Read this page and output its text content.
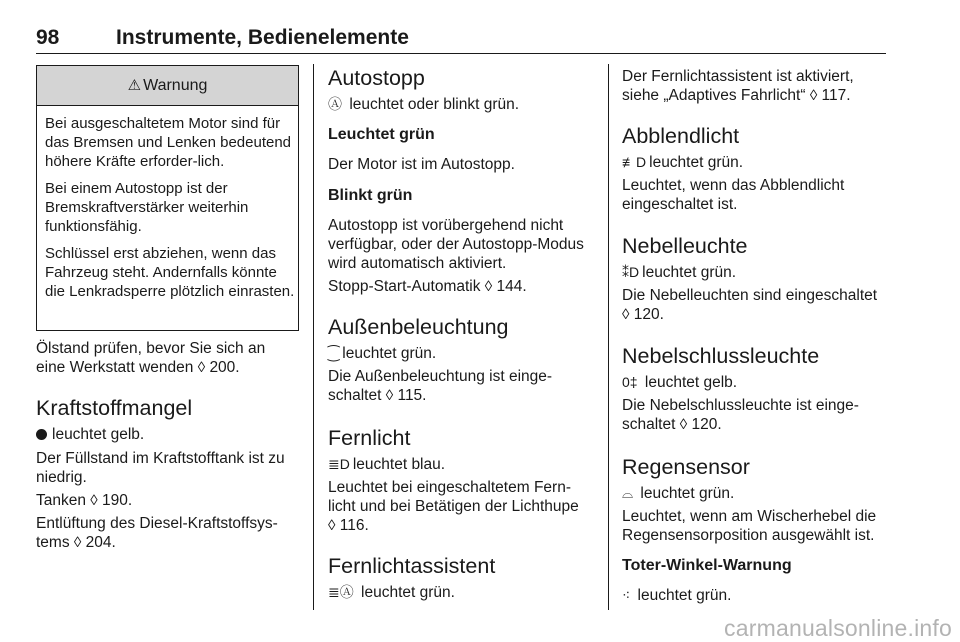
98	Instrumente, Bedienelemente
⚠ Warnung

Bei ausgeschaltetem Motor sind für das Bremsen und Lenken bedeutend höhere Kräfte erforder-lich.

Bei einem Autostopp ist der Bremskraftverstärker weiterhin funktionsfähig.

Schlüssel erst abziehen, wenn das Fahrzeug steht. Andernfalls könnte die Lenkradsperre plötzlich einrasten.

Ölstand prüfen, bevor Sie sich an
eine Werkstatt wenden ◊ 200.
Kraftstoffmangel
leuchtet gelb.
Der Füllstand im Kraftstofftank ist zu
niedrig.
Tanken ◊ 190.
Entlüftung des Diesel-Kraftstoffsys-
tems ◊ 204.
Autostopp
Ⓐ leuchtet oder blinkt grün.
Leuchtet grün
Der Motor ist im Autostopp.
Blinkt grün
Autostopp ist vorübergehend nicht
verfügbar, oder der Autostopp-Modus
wird automatisch aktiviert.
Stopp-Start-Automatik ◊ 144.
Außenbeleuchtung
⁐ leuchtet grün.
Die Außenbeleuchtung ist einge-
schaltet ◊ 115.
Fernlicht
≣D leuchtet blau.
Leuchtet bei eingeschaltetem Fern-
licht und bei Betätigen der Lichthupe
◊ 116.
Fernlichtassistent
≣Ⓐ leuchtet grün.
Der Fernlichtassistent ist aktiviert,
siehe „Adaptives Fahrlicht“ ◊ 117.
Abblendlicht
≢D leuchtet grün.
Leuchtet, wenn das Abblendlicht
eingeschaltet ist.
Nebelleuchte
⁑D leuchtet grün.
Die Nebelleuchten sind eingeschaltet
◊ 120.
Nebelschlussleuchte
0‡ leuchtet gelb.
Die Nebelschlussleuchte ist einge-
schaltet ◊ 120.
Regensensor
⌓ leuchtet grün.
Leuchtet, wenn am Wischerhebel die
Regensensorposition ausgewählt ist.
Toter-Winkel-Warnung
⁖ leuchtet grün.
carmanualsonline.info
